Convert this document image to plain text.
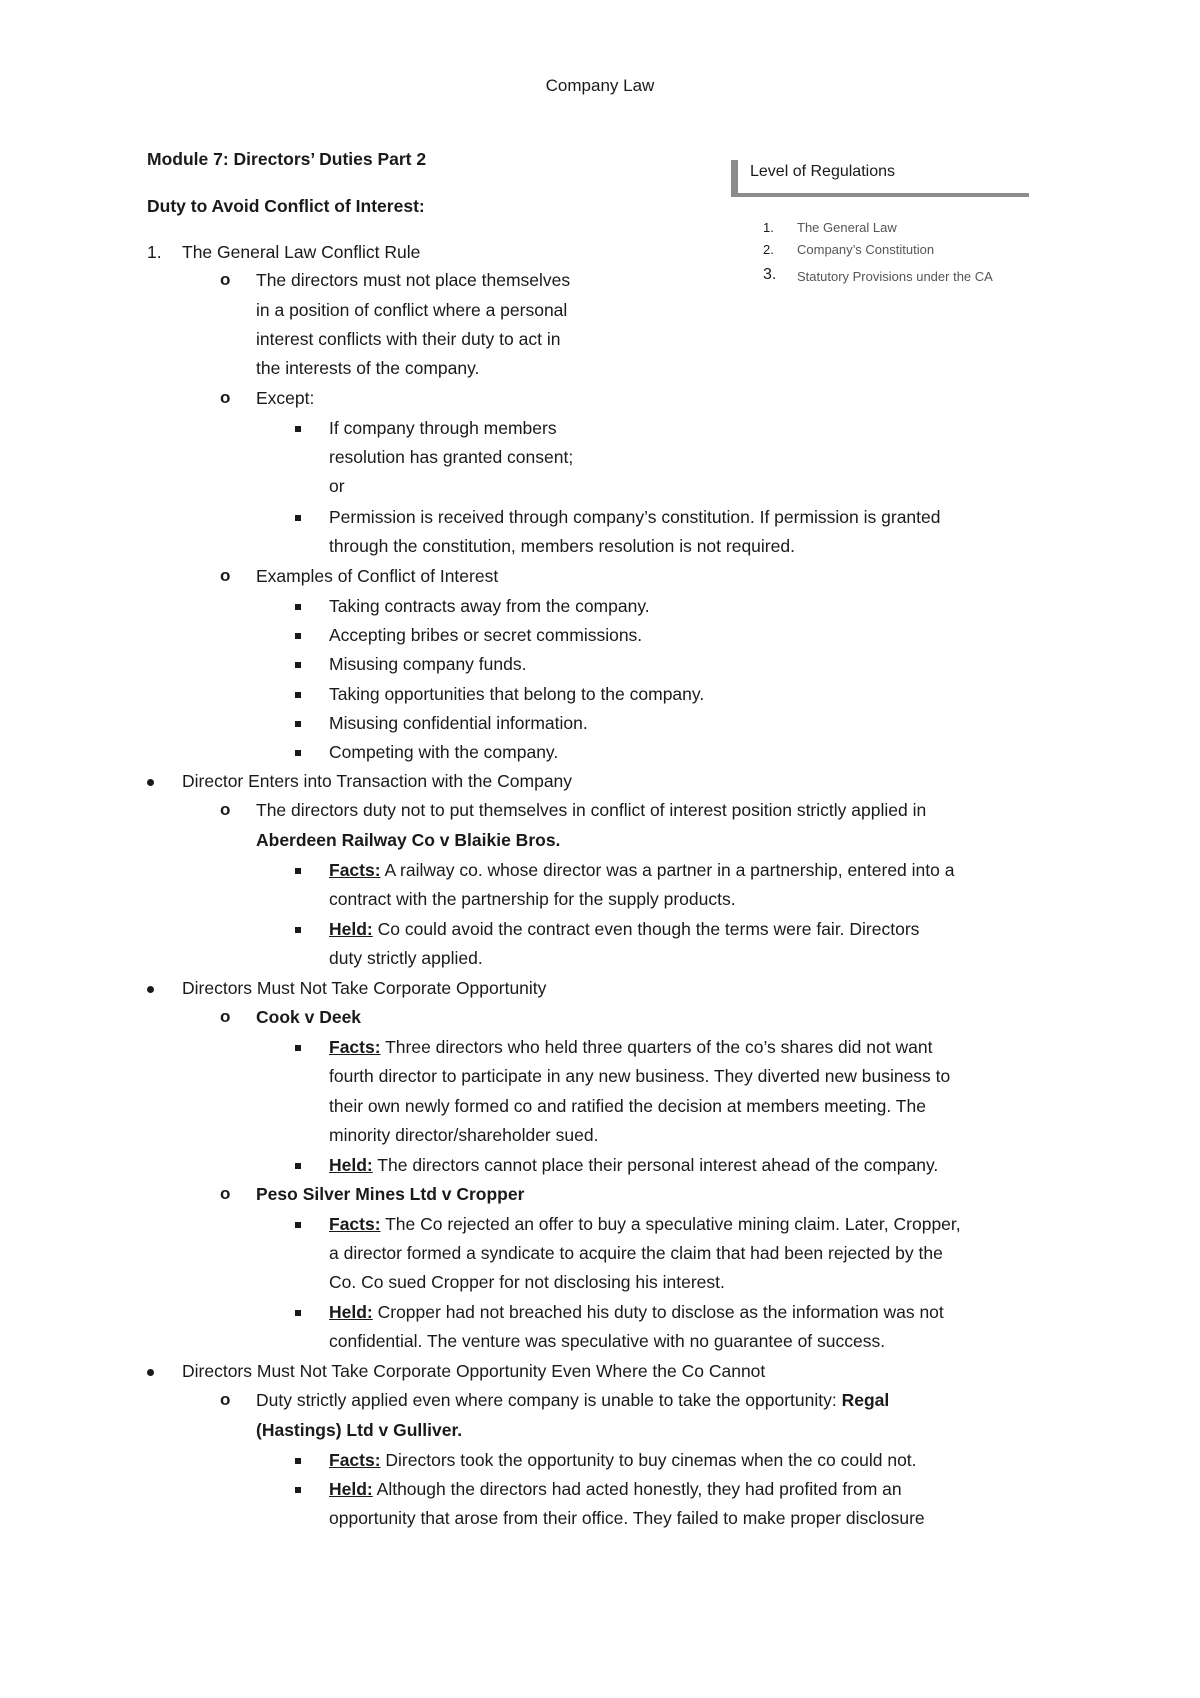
Company Law
Module 7: Directors’ Duties Part 2
Duty to Avoid Conflict of Interest:
Level of Regulations
1. The General Law
2. Company’s Constitution
3. Statutory Provisions under the CA
1. The General Law Conflict Rule
o The directors must not place themselves
in a position of conflict where a personal
interest conflicts with their duty to act in
the interests of the company.
o Except:
If company through members
resolution has granted consent;
or
Permission is received through company’s constitution. If permission is granted
through the constitution, members resolution is not required.
o Examples of Conflict of Interest
Taking contracts away from the company.
Accepting bribes or secret commissions.
Misusing company funds.
Taking opportunities that belong to the company.
Misusing confidential information.
Competing with the company.
Director Enters into Transaction with the Company
o The directors duty not to put themselves in conflict of interest position strictly applied in
Aberdeen Railway Co v Blaikie Bros.
Facts: A railway co. whose director was a partner in a partnership, entered into a
contract with the partnership for the supply products.
Held: Co could avoid the contract even though the terms were fair. Directors
duty strictly applied.
Directors Must Not Take Corporate Opportunity
o Cook v Deek
Facts: Three directors who held three quarters of the co’s shares did not want
fourth director to participate in any new business. They diverted new business to
their own newly formed co and ratified the decision at members meeting. The
minority director/shareholder sued.
Held: The directors cannot place their personal interest ahead of the company.
o Peso Silver Mines Ltd v Cropper
Facts: The Co rejected an offer to buy a speculative mining claim. Later, Cropper,
a director formed a syndicate to acquire the claim that had been rejected by the
Co. Co sued Cropper for not disclosing his interest.
Held: Cropper had not breached his duty to disclose as the information was not
confidential. The venture was speculative with no guarantee of success.
Directors Must Not Take Corporate Opportunity Even Where the Co Cannot
o Duty strictly applied even where company is unable to take the opportunity: Regal
(Hastings) Ltd v Gulliver.
Facts: Directors took the opportunity to buy cinemas when the co could not.
Held: Although the directors had acted honestly, they had profited from an
opportunity that arose from their office. They failed to make proper disclosure
